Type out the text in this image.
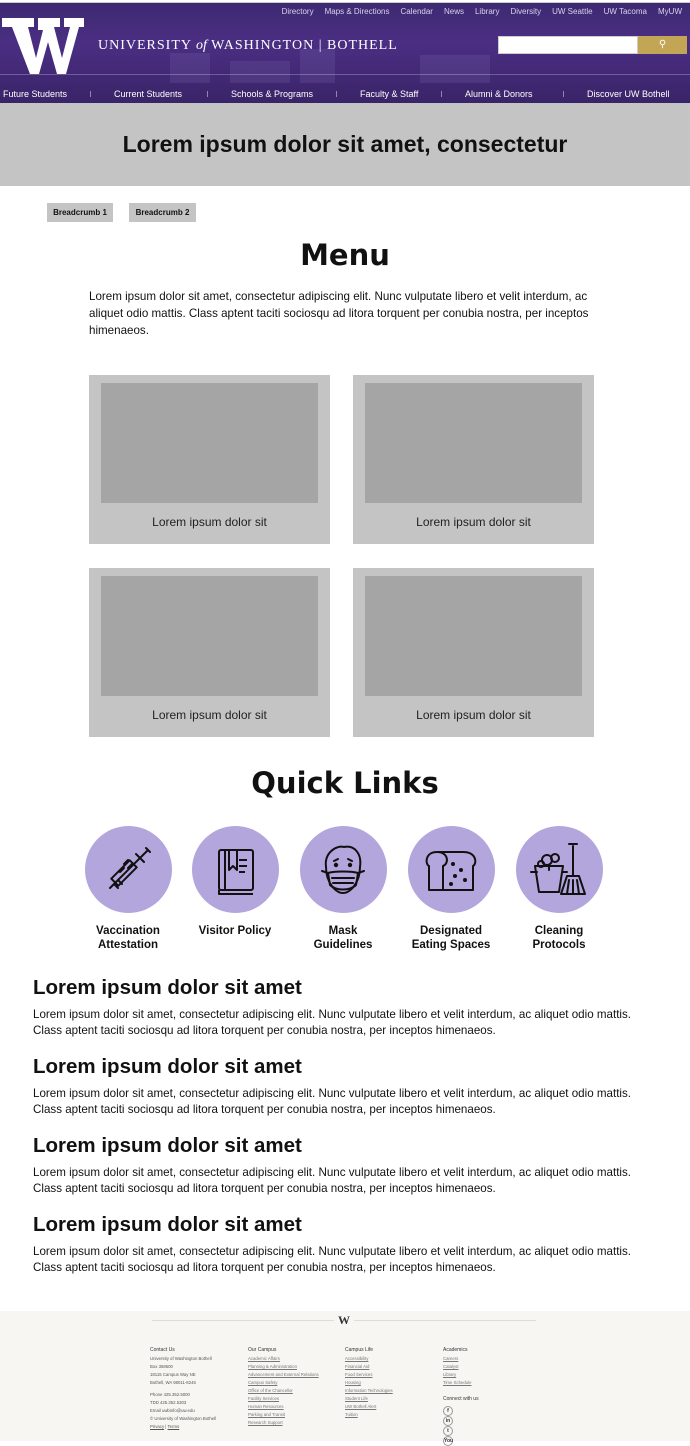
Directory Maps & Directions Calendar News Library Diversity UW Seattle UW Tacoma MyUW
UNIVERSITY of WASHINGTON | BOTHELL	⚲
Future Students	Current Students	Schools & Programs	Faculty & Staff	Alumni & Donors	Discover UW Bothell
Lorem ipsum dolor sit amet, consectetur
Breadcrumb 1	Breadcrumb 2
Menu

Lorem ipsum dolor sit amet, consectetur adipiscing elit. Nunc vulputate libero et velit interdum, ac aliquet odio mattis. Class aptent taciti sociosqu ad litora torquent per conubia nostra, per inceptos himenaeos.

Lorem ipsum dolor sit	Lorem ipsum dolor sit
Lorem ipsum dolor sit	Lorem ipsum dolor sit
Quick Links
Vaccination Attestation
Visitor Policy	Mask Guidelines
Designated Eating Spaces
Cleaning Protocols
Lorem ipsum dolor sit amet

Lorem ipsum dolor sit amet, consectetur adipiscing elit. Nunc vulputate libero et velit interdum, ac aliquet odio mattis. Class aptent taciti sociosqu ad litora torquent per conubia nostra, per inceptos himenaeos.

Lorem ipsum dolor sit amet

Lorem ipsum dolor sit amet, consectetur adipiscing elit. Nunc vulputate libero et velit interdum, ac aliquet odio mattis. Class aptent taciti sociosqu ad litora torquent per conubia nostra, per inceptos himenaeos.

Lorem ipsum dolor sit amet

Lorem ipsum dolor sit amet, consectetur adipiscing elit. Nunc vulputate libero et velit interdum, ac aliquet odio mattis. Class aptent taciti sociosqu ad litora torquent per conubia nostra, per inceptos himenaeos.

Lorem ipsum dolor sit amet

Lorem ipsum dolor sit amet, consectetur adipiscing elit. Nunc vulputate libero et velit interdum, ac aliquet odio mattis. Class aptent taciti sociosqu ad litora torquent per conubia nostra, per inceptos himenaeos.

W
Contact Us
University of Washington Bothell
Box 358500
18115 Campus Way NE
Bothell, WA 98011-8246
Phone 425.352.5000
TDD 425.352.5303
Email uwbinfo@uw.edu
© University of Washington Bothell
Privacy | Terms
Our Campus
Academic Affairs
Planning & Administration
Advancement and External Relations
Campus Safety
Office of the Chancellor
Facility Services
Human Resources
Parking and Transit
Research Support
Campus Life
Accessibility
Financial Aid
Food Services
Housing
Information Technologies
Student Life
UW Bothell Alert
Tuition
Academics
Careers
Catalyst
Library
Time Schedule
Connect with us
f
in
t
You
